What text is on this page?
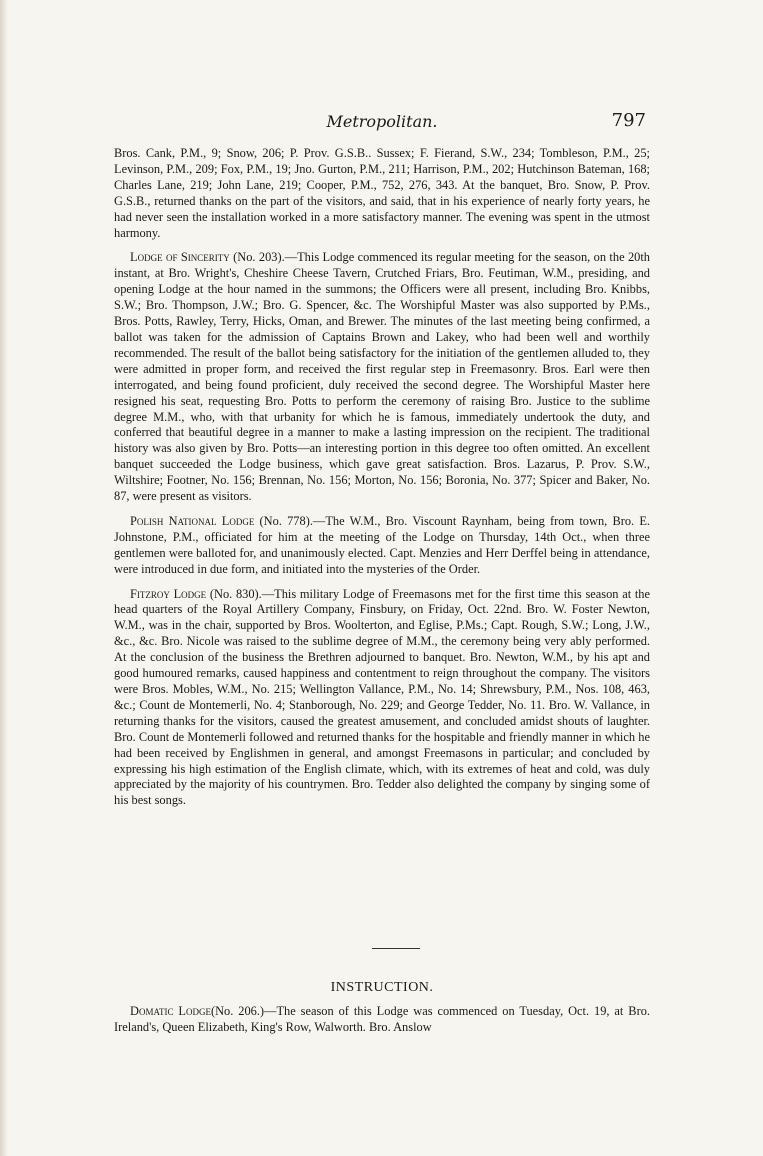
Metropolitan.	797

Bros. Cank, P.M., 9; Snow, 206; P. Prov. G.S.B.. Sussex; F. Fierand, S.W., 234; Tombleson, P.M., 25; Levinson, P.M., 209; Fox, P.M., 19; Jno. Gurton, P.M., 211; Harrison, P.M., 202; Hutchinson Bateman, 168; Charles Lane, 219; John Lane, 219; Cooper, P.M., 752, 276, 343. At the banquet, Bro. Snow, P. Prov. G.S.B., returned thanks on the part of the visitors, and said, that in his experience of nearly forty years, he had never seen the installation worked in a more satisfactory manner. The evening was spent in the utmost harmony.

Lodge of Sincerity (No. 203).—This Lodge commenced its regular meeting for the season, on the 20th instant, at Bro. Wright's, Cheshire Cheese Tavern, Crutched Friars, Bro. Feutiman, W.M., presiding, and opening Lodge at the hour named in the summons; the Officers were all present, including Bro. Knibbs, S.W.; Bro. Thompson, J.W.; Bro. G. Spencer, &c. The Worshipful Master was also supported by P.Ms., Bros. Potts, Rawley, Terry, Hicks, Oman, and Brewer. The minutes of the last meeting being confirmed, a ballot was taken for the admission of Captains Brown and Lakey, who had been well and worthily recommended. The result of the ballot being satisfactory for the initiation of the gentlemen alluded to, they were admitted in proper form, and received the first regular step in Freemasonry. Bros. Earl were then interrogated, and being found proficient, duly received the second degree. The Worshipful Master here resigned his seat, requesting Bro. Potts to perform the ceremony of raising Bro. Justice to the sublime degree M.M., who, with that urbanity for which he is famous, immediately undertook the duty, and conferred that beautiful degree in a manner to make a lasting impression on the recipient. The traditional history was also given by Bro. Potts—an interesting portion in this degree too often omitted. An excellent banquet succeeded the Lodge business, which gave great satisfaction. Bros. Lazarus, P. Prov. S.W., Wiltshire; Footner, No. 156; Brennan, No. 156; Morton, No. 156; Boronia, No. 377; Spicer and Baker, No. 87, were present as visitors.

Polish National Lodge (No. 778).—The W.M., Bro. Viscount Raynham, being from town, Bro. E. Johnstone, P.M., officiated for him at the meeting of the Lodge on Thursday, 14th Oct., when three gentlemen were balloted for, and unanimously elected. Capt. Menzies and Herr Derffel being in attendance, were introduced in due form, and initiated into the mysteries of the Order.

Fitzroy Lodge (No. 830).—This military Lodge of Freemasons met for the first time this season at the head quarters of the Royal Artillery Company, Finsbury, on Friday, Oct. 22nd. Bro. W. Foster Newton, W.M., was in the chair, supported by Bros. Woolterton, and Eglise, P.Ms.; Capt. Rough, S.W.; Long, J.W., &c., &c. Bro. Nicole was raised to the sublime degree of M.M., the ceremony being very ably performed. At the conclusion of the business the Brethren adjourned to banquet. Bro. Newton, W.M., by his apt and good humoured remarks, caused happiness and contentment to reign throughout the company. The visitors were Bros. Mobles, W.M., No. 215; Wellington Vallance, P.M., No. 14; Shrewsbury, P.M., Nos. 108, 463, &c.; Count de Montemerli, No. 4; Stanborough, No. 229; and George Tedder, No. 11. Bro. W. Vallance, in returning thanks for the visitors, caused the greatest amusement, and concluded amidst shouts of laughter. Bro. Count de Montemerli followed and returned thanks for the hospitable and friendly manner in which he had been received by Englishmen in general, and amongst Freemasons in particular; and concluded by expressing his high estimation of the English climate, which, with its extremes of heat and cold, was duly appreciated by the majority of his countrymen. Bro. Tedder also delighted the company by singing some of his best songs.

INSTRUCTION.

Domatic Lodge(No. 206.)—The season of this Lodge was commenced on Tuesday, Oct. 19, at Bro. Ireland's, Queen Elizabeth, King's Row, Walworth. Bro. Anslow
